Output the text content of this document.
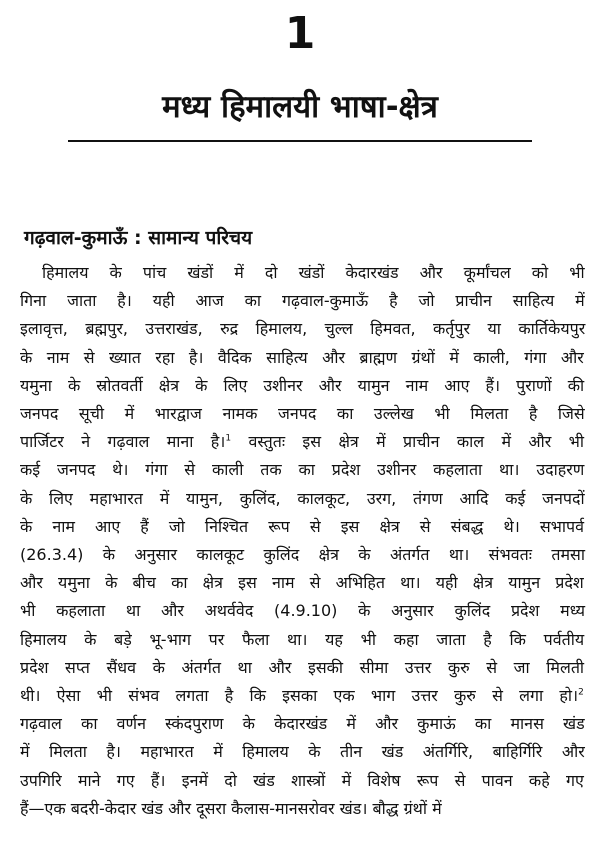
1
मध्य हिमालयी भाषा-क्षेत्र
गढ़वाल-कुमाऊँ : सामान्य परिचय
हिमालय के पांच खंडों में दो खंडों केदारखंड और कूर्मांचल को भी
गिना जाता है। यही आज का गढ़वाल-कुमाऊँ है जो प्राचीन साहित्य में
इलावृत्त, ब्रह्मपुर, उत्तराखंड, रुद्र हिमालय, चुल्ल हिमवत, कर्तृपुर या कार्तिकेयपुर
के नाम से ख्यात रहा है। वैदिक साहित्य और ब्राह्मण ग्रंथों में काली, गंगा और
यमुना के स्रोतवर्ती क्षेत्र के लिए उशीनर और यामुन नाम आए हैं। पुराणों की
जनपद सूची में भारद्वाज नामक जनपद का उल्लेख भी मिलता है जिसे
पार्जिटर ने गढ़वाल माना है।$^1$ वस्तुतः इस क्षेत्र में प्राचीन काल में और भी
कई जनपद थे। गंगा से काली तक का प्रदेश उशीनर कहलाता था। उदाहरण
के लिए महाभारत में यामुन, कुलिंद, कालकूट, उरग, तंगण आदि कई जनपदों
के नाम आए हैं जो निश्चित रूप से इस क्षेत्र से संबद्ध थे। सभापर्व
(26.3.4) के अनुसार कालकूट कुलिंद क्षेत्र के अंतर्गत था। संभवतः तमसा
और यमुना के बीच का क्षेत्र इस नाम से अभिहित था। यही क्षेत्र यामुन प्रदेश
भी कहलाता था और अथर्ववेद (4.9.10) के अनुसार कुलिंद प्रदेश मध्य
हिमालय के बड़े भू-भाग पर फैला था। यह भी कहा जाता है कि पर्वतीय
प्रदेश सप्त सैंधव के अंतर्गत था और इसकी सीमा उत्तर कुरु से जा मिलती
थी। ऐसा भी संभव लगता है कि इसका एक भाग उत्तर कुरु से लगा हो।$^2$
गढ़वाल का वर्णन स्कंदपुराण के केदारखंड में और कुमाऊं का मानस खंड
में मिलता है। महाभारत में हिमालय के तीन खंड अंतर्गिरि, बाहिर्गिरि और
उपगिरि माने गए हैं। इनमें दो खंड शास्त्रों में विशेष रूप से पावन कहे गए
हैं—एक बदरी-केदार खंड और दूसरा कैलास-मानसरोवर खंड। बौद्ध ग्रंथों में
